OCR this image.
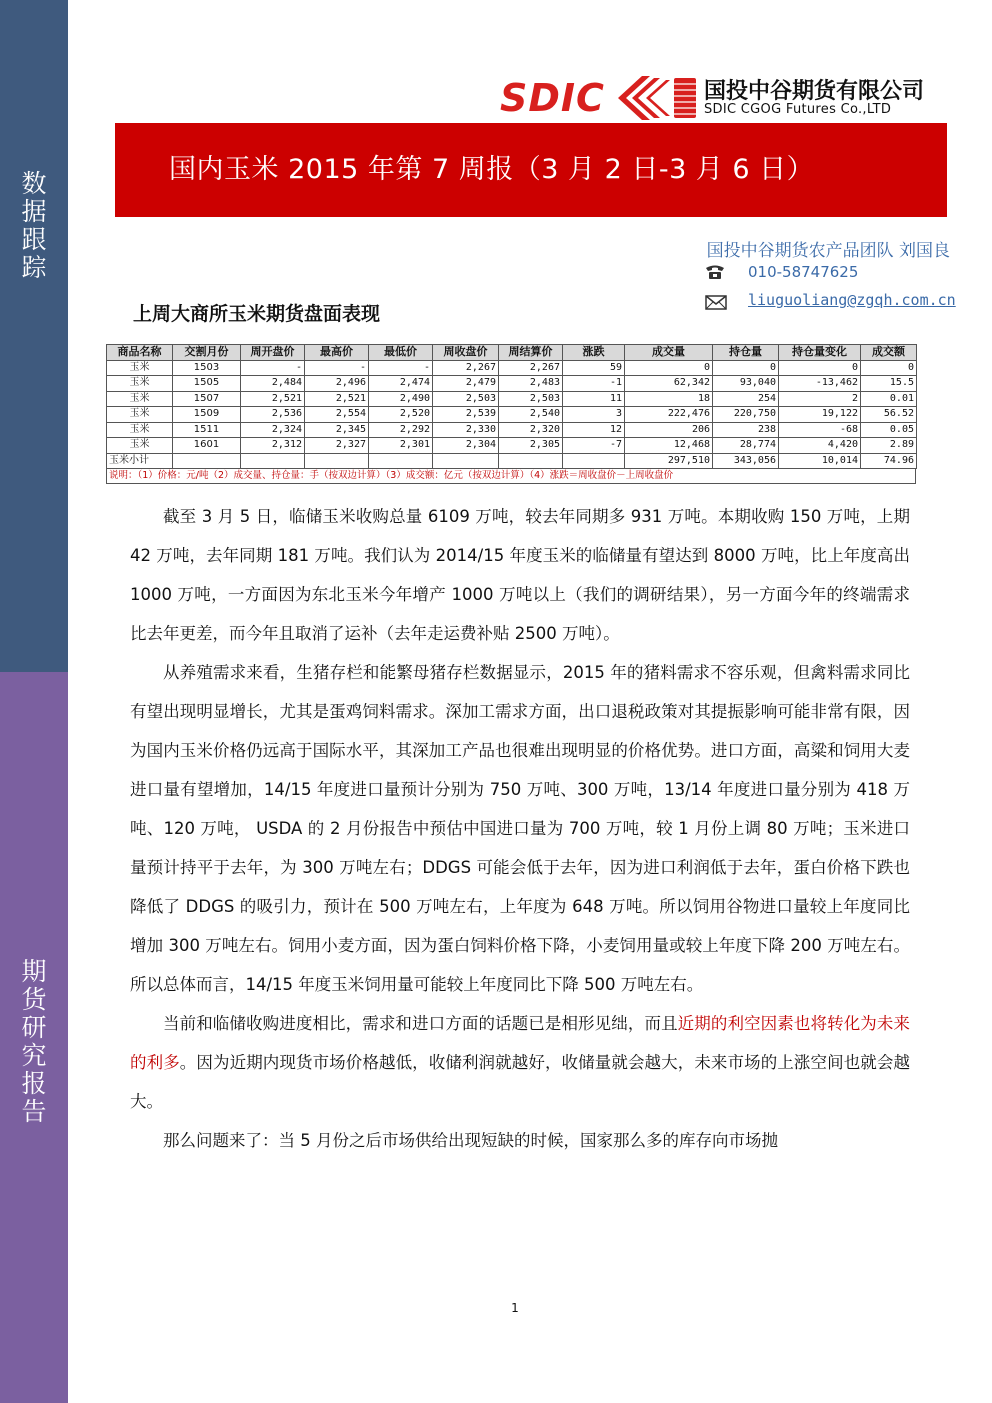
数
据
跟
踪
期
货
研
究
报
告
SDIC	国投中谷期货有限公司
SDIC CGOG Futures Co.,LTD
国内玉米 2015 年第 7 周报（3 月 2 日-3 月 6 日）
国投中谷期货农产品团队 刘国良
010-58747625
liuguoliang@zgqh.com.cn
上周大商所玉米期货盘面表现
商品名称	交割月份	周开盘价	最高价	最低价	周收盘价	周结算价	涨跌	成交量	持仓量	持仓量变化	成交额
玉米	1503	-	-	-	2,267	2,267	59	0	0	0	0
玉米	1505	2,484	2,496	2,474	2,479	2,483	-1	62,342	93,040	-13,462	15.5
玉米	1507	2,521	2,521	2,490	2,503	2,503	11	18	254	2	0.01
玉米	1509	2,536	2,554	2,520	2,539	2,540	3	222,476	220,750	19,122	56.52
玉米	1511	2,324	2,345	2,292	2,330	2,320	12	206	238	-68	0.05
玉米	1601	2,312	2,327	2,301	2,304	2,305	-7	12,468	28,774	4,420	2.89
玉米小计								297,510	343,056	10,014	74.96
说明：（1）价格：元/吨（2）成交量、持仓量：手（按双边计算）（3）成交额：亿元（按双边计算）（4）涨跌＝周收盘价－上周收盘价

截至 3 月 5 日，临储玉米收购总量 6109 万吨，较去年同期多 931 万吨。本期收购 150 万吨，上期 42 万吨，去年同期 181 万吨。我们认为 2014/15 年度玉米的临储量有望达到 8000 万吨，比上年度高出 1000 万吨，一方面因为东北玉米今年增产 1000 万吨以上（我们的调研结果），另一方面今年的终端需求比去年更差，而今年且取消了运补（去年走运费补贴 2500 万吨）。

从养殖需求来看，生猪存栏和能繁母猪存栏数据显示，2015 年的猪料需求不容乐观，但禽料需求同比有望出现明显增长，尤其是蛋鸡饲料需求。深加工需求方面，出口退税政策对其提振影响可能非常有限，因为国内玉米价格仍远高于国际水平，其深加工产品也很难出现明显的价格优势。进口方面，高粱和饲用大麦进口量有望增加，14/15 年度进口量预计分别为 750 万吨、300 万吨，13/14 年度进口量分别为 418 万吨、120 万吨， USDA 的 2 月份报告中预估中国进口量为 700 万吨，较 1 月份上调 80 万吨；玉米进口量预计持平于去年，为 300 万吨左右；DDGS 可能会低于去年，因为进口利润低于去年，蛋白价格下跌也降低了 DDGS 的吸引力，预计在 500 万吨左右，上年度为 648 万吨。所以饲用谷物进口量较上年度同比增加 300 万吨左右。饲用小麦方面，因为蛋白饲料价格下降，小麦饲用量或较上年度下降 200 万吨左右。所以总体而言，14/15 年度玉米饲用量可能较上年度同比下降 500 万吨左右。

当前和临储收购进度相比，需求和进口方面的话题已是相形见绌，而且近期的利空因素也将转化为未来的利多。因为近期内现货市场价格越低，收储利润就越好，收储量就会越大，未来市场的上涨空间也就会越大。

那么问题来了：当 5 月份之后市场供给出现短缺的时候，国家那么多的库存向市场抛

1
